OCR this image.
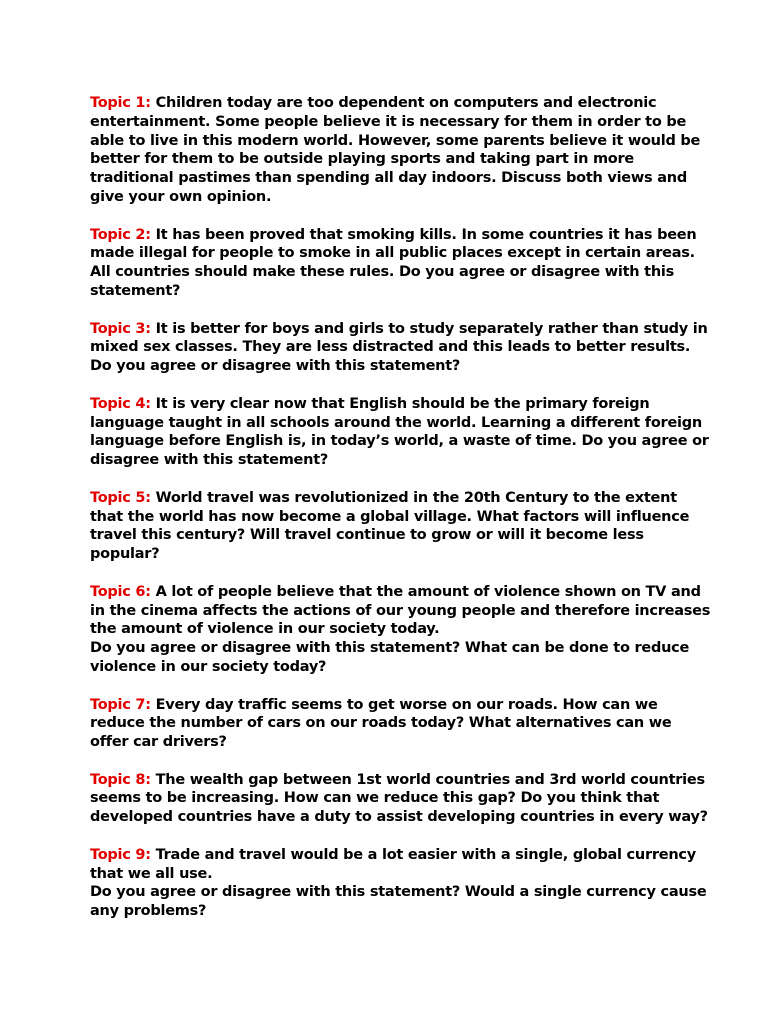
Topic 1: Children today are too dependent on computers and electronic
entertainment. Some people believe it is necessary for them in order to be
able to live in this modern world. However, some parents believe it would be
better for them to be outside playing sports and taking part in more
traditional pastimes than spending all day indoors. Discuss both views and
give your own opinion.
Topic 2: It has been proved that smoking kills. In some countries it has been
made illegal for people to smoke in all public places except in certain areas.
All countries should make these rules. Do you agree or disagree with this
statement?
Topic 3: It is better for boys and girls to study separately rather than study in
mixed sex classes. They are less distracted and this leads to better results.
Do you agree or disagree with this statement?
Topic 4: It is very clear now that English should be the primary foreign
language taught in all schools around the world. Learning a different foreign
language before English is, in today’s world, a waste of time. Do you agree or
disagree with this statement?
Topic 5: World travel was revolutionized in the 20th Century to the extent
that the world has now become a global village. What factors will influence
travel this century? Will travel continue to grow or will it become less
popular?
Topic 6: A lot of people believe that the amount of violence shown on TV and
in the cinema affects the actions of our young people and therefore increases
the amount of violence in our society today.
Do you agree or disagree with this statement? What can be done to reduce
violence in our society today?
Topic 7: Every day traffic seems to get worse on our roads. How can we
reduce the number of cars on our roads today? What alternatives can we
offer car drivers?
Topic 8: The wealth gap between 1st world countries and 3rd world countries
seems to be increasing. How can we reduce this gap? Do you think that
developed countries have a duty to assist developing countries in every way?
Topic 9: Trade and travel would be a lot easier with a single, global currency
that we all use.
Do you agree or disagree with this statement? Would a single currency cause
any problems?
